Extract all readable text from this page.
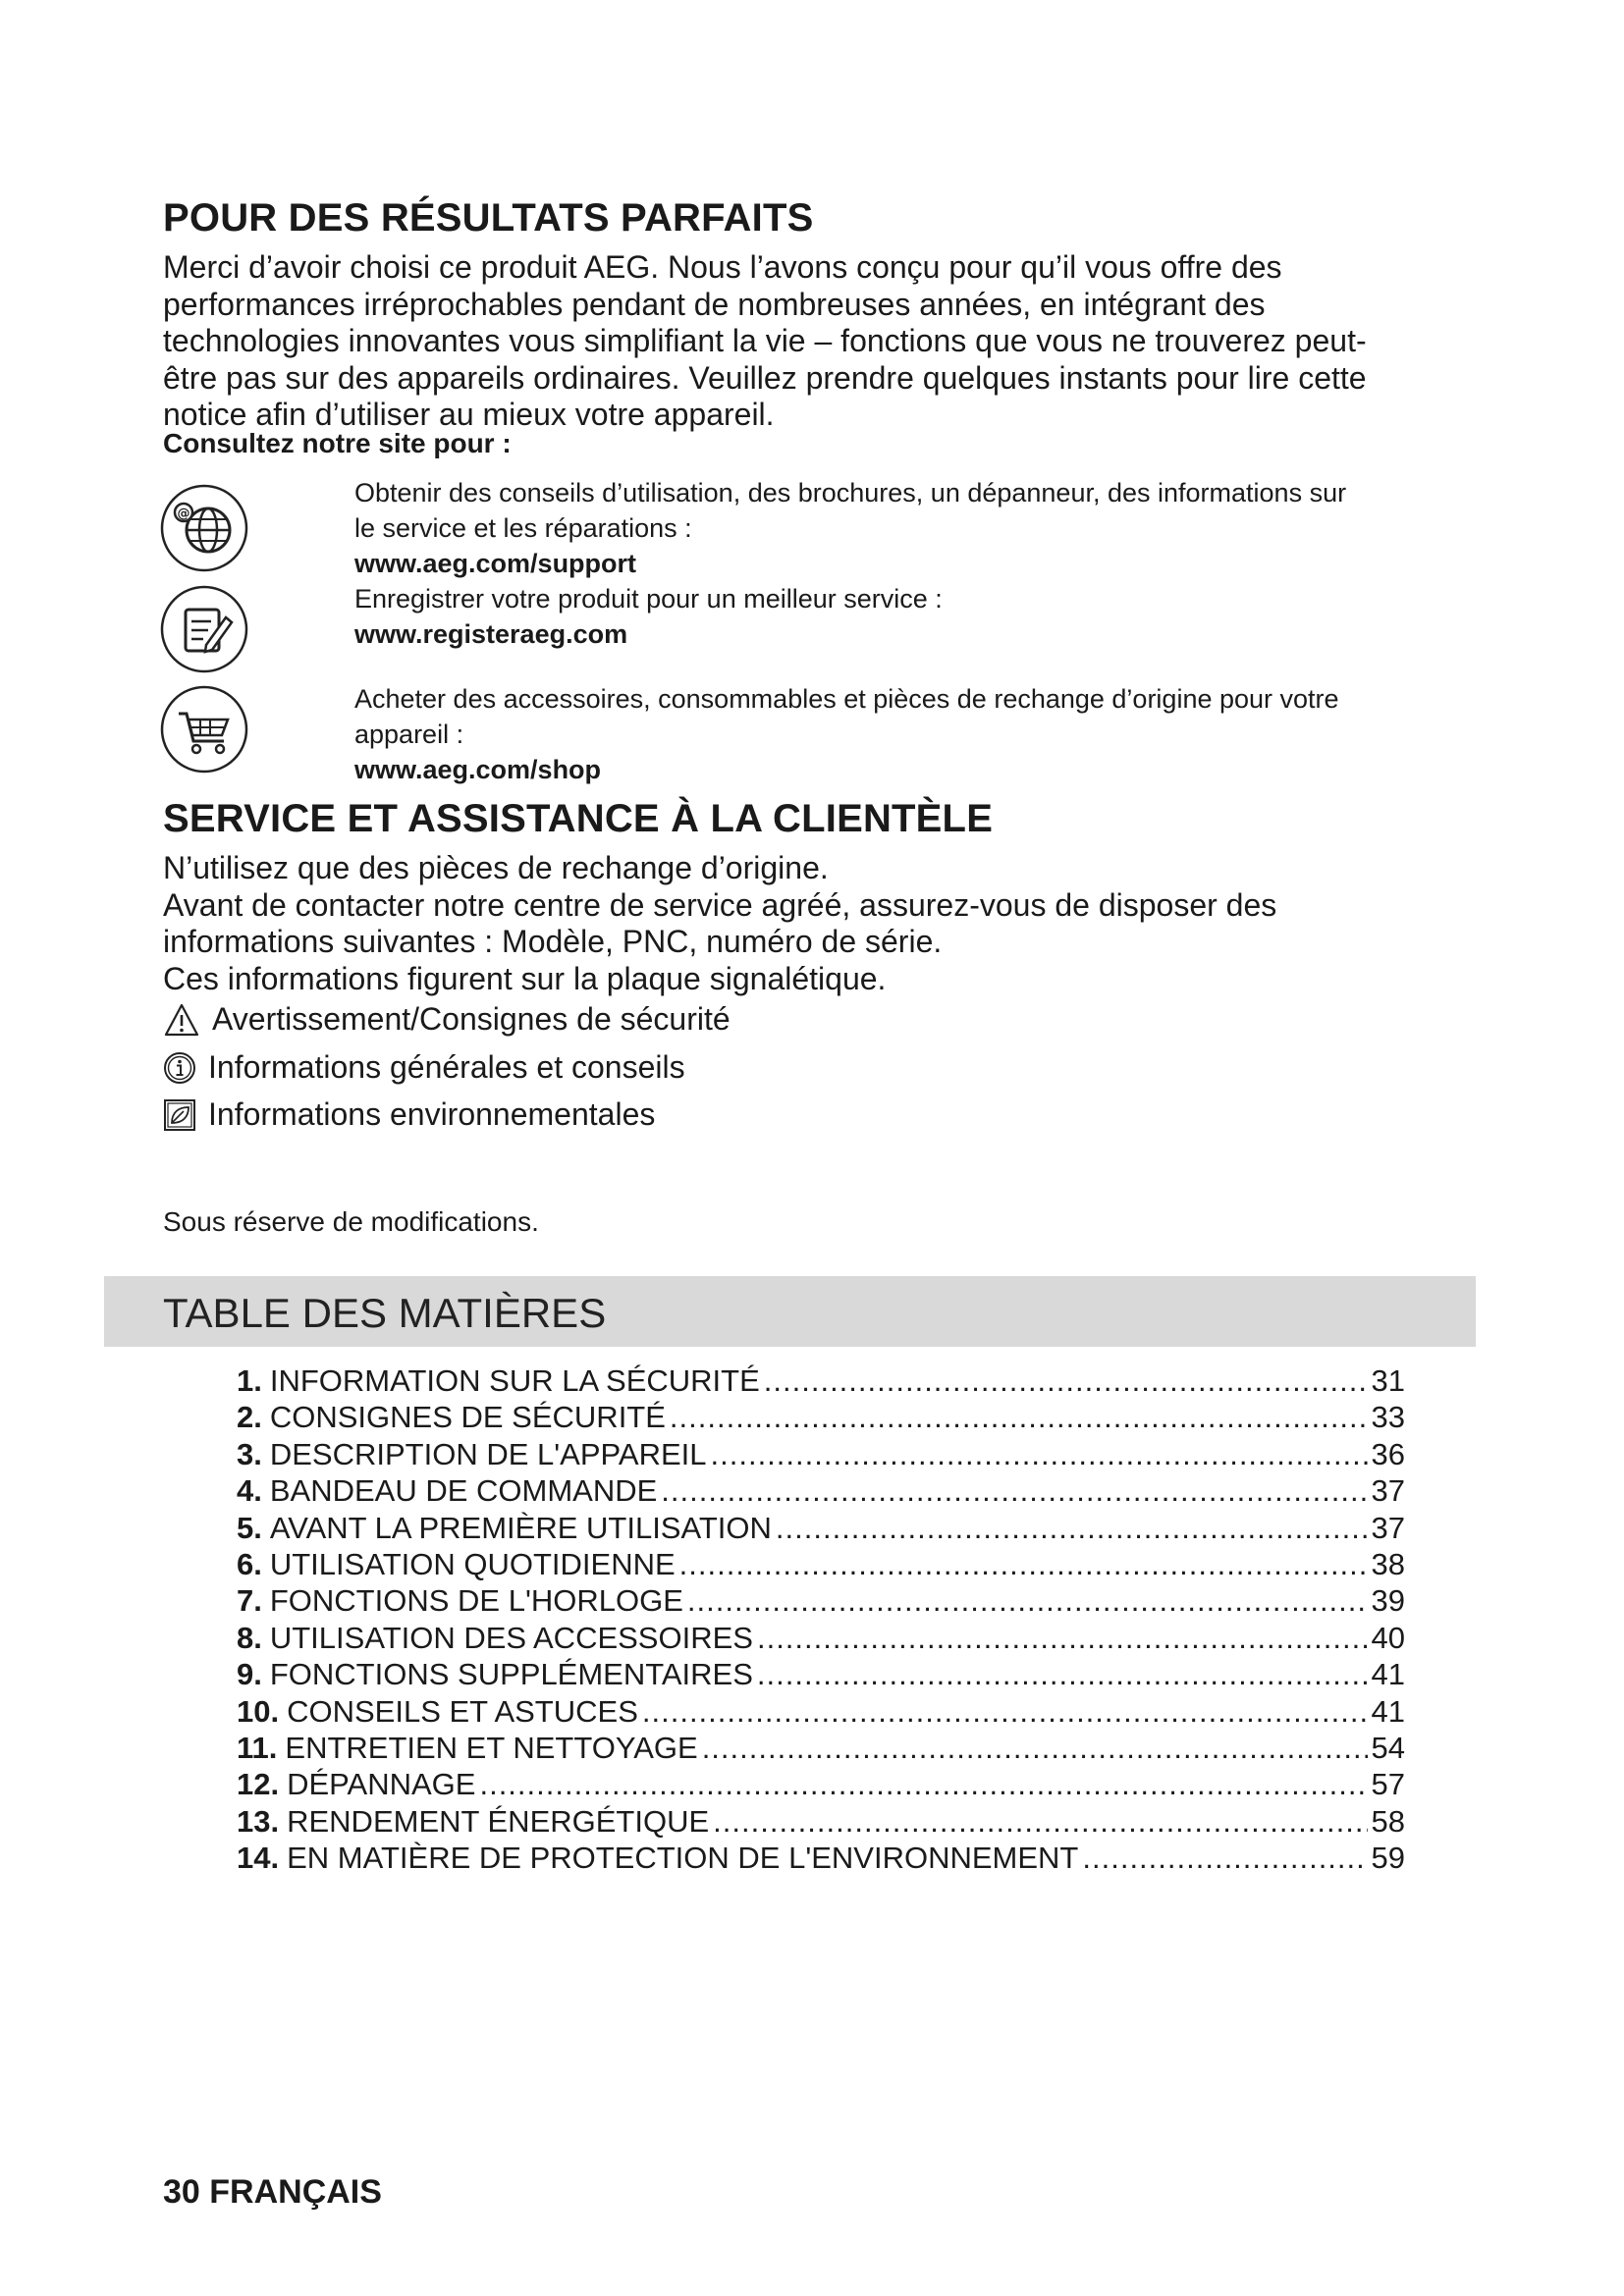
POUR DES RÉSULTATS PARFAITS
Merci d’avoir choisi ce produit AEG. Nous l’avons conçu pour qu’il vous offre des
performances irréprochables pendant de nombreuses années, en intégrant des
technologies innovantes vous simplifiant la vie – fonctions que vous ne trouverez peut-
être pas sur des appareils ordinaires. Veuillez prendre quelques instants pour lire cette
notice afin d’utiliser au mieux votre appareil.
Consultez notre site pour :
@
Obtenir des conseils d’utilisation, des brochures, un dépanneur, des informations sur
le service et les réparations :
www.aeg.com/support
Enregistrer votre produit pour un meilleur service :
www.registeraeg.com
Acheter des accessoires, consommables et pièces de rechange d’origine pour votre
appareil :
www.aeg.com/shop
SERVICE ET ASSISTANCE À LA CLIENTÈLE
N’utilisez que des pièces de rechange d’origine.
Avant de contacter notre centre de service agréé, assurez-vous de disposer des
informations suivantes : Modèle, PNC, numéro de série.
Ces informations figurent sur la plaque signalétique.
Avertissement/Consignes de sécurité
Informations générales et conseils
Informations environnementales
Sous réserve de modifications.
TABLE DES MATIÈRES
1. INFORMATION SUR LA SÉCURITÉ .....	31
2. CONSIGNES DE SÉCURITÉ .....	33
3. DESCRIPTION DE L'APPAREIL .....	36
4. BANDEAU DE COMMANDE .....	37
5. AVANT LA PREMIÈRE UTILISATION .....	37
6. UTILISATION QUOTIDIENNE .....	38
7. FONCTIONS DE L'HORLOGE .....	39
8. UTILISATION DES ACCESSOIRES .....	40
9. FONCTIONS SUPPLÉMENTAIRES .....	41
10. CONSEILS ET ASTUCES .....	41
11. ENTRETIEN ET NETTOYAGE .....	54
12. DÉPANNAGE .....	57
13. RENDEMENT ÉNERGÉTIQUE .....	58
14. EN MATIÈRE DE PROTECTION DE L'ENVIRONNEMENT .....	59
30 FRANÇAIS
